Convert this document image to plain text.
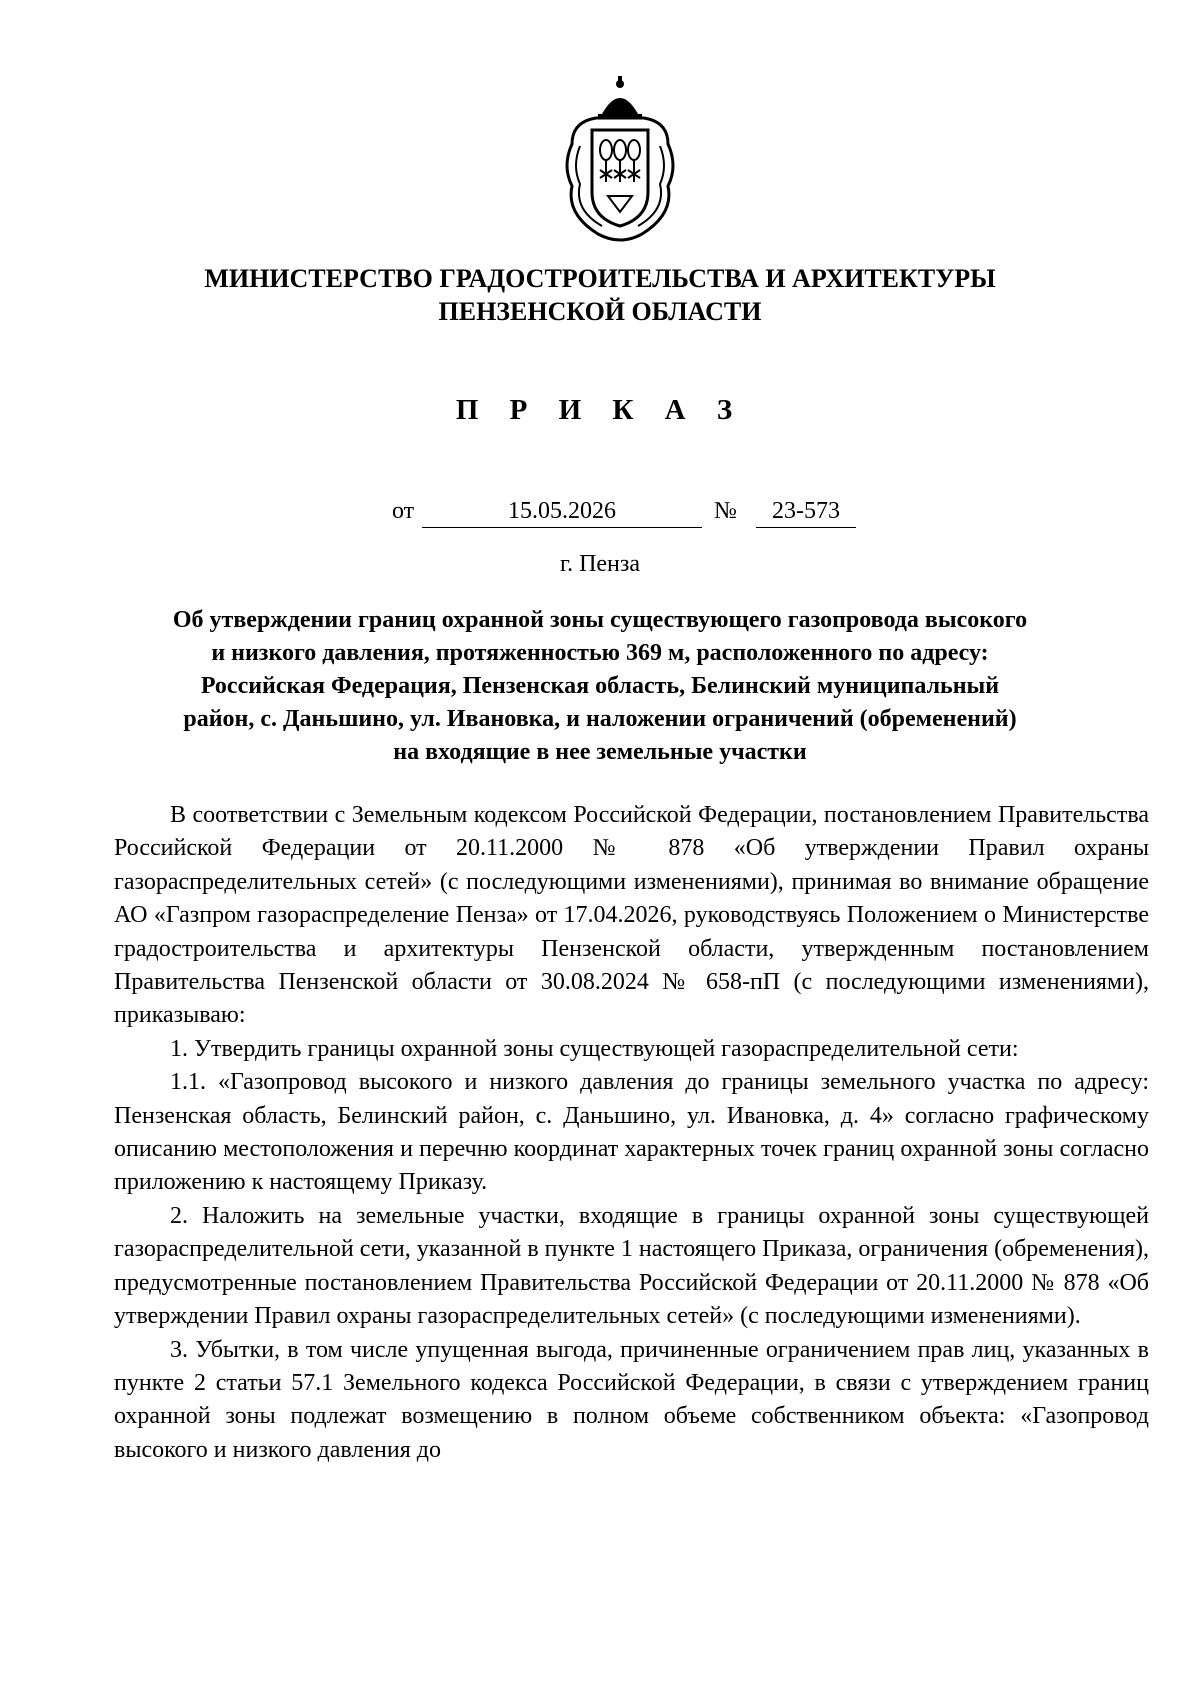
МИНИСТЕРСТВО ГРАДОСТРОИТЕЛЬСТВА И АРХИТЕКТУРЫ
ПЕНЗЕНСКОЙ ОБЛАСТИ
П Р И К А З
от	15.05.2026	№	23-573
г. Пенза
Об утверждении границ охранной зоны существующего газопровода высокого
и низкого давления, протяженностью 369 м, расположенного по адресу:
Российская Федерация, Пензенская область, Белинский муниципальный
район, с. Даньшино, ул. Ивановка, и наложении ограничений (обременений)
на входящие в нее земельные участки

В соответствии с Земельным кодексом Российской Федерации, постановлением Правительства Российской Федерации от 20.11.2000 № 878 «Об утверждении Правил охраны газораспределительных сетей» (с последующими изменениями), принимая во внимание обращение АО «Газпром газораспределение Пенза» от 17.04.2026, руководствуясь Положением о Министерстве градостроительства и архитектуры Пензенской области, утвержденным постановлением Правительства Пензенской области от 30.08.2024 № 658-пП (с последующими изменениями), приказываю:

1. Утвердить границы охранной зоны существующей газораспределительной сети:

1.1. «Газопровод высокого и низкого давления до границы земельного участка по адресу: Пензенская область, Белинский район, с. Даньшино, ул. Ивановка, д. 4» согласно графическому описанию местоположения и перечню координат характерных точек границ охранной зоны согласно приложению к настоящему Приказу.

2. Наложить на земельные участки, входящие в границы охранной зоны существующей газораспределительной сети, указанной в пункте 1 настоящего Приказа, ограничения (обременения), предусмотренные постановлением Правительства Российской Федерации от 20.11.2000 № 878 «Об утверждении Правил охраны газораспределительных сетей» (с последующими изменениями).

3. Убытки, в том числе упущенная выгода, причиненные ограничением прав лиц, указанных в пункте 2 статьи 57.1 Земельного кодекса Российской Федерации, в связи с утверждением границ охранной зоны подлежат возмещению в полном объеме собственником объекта: «Газопровод высокого и низкого давления до
